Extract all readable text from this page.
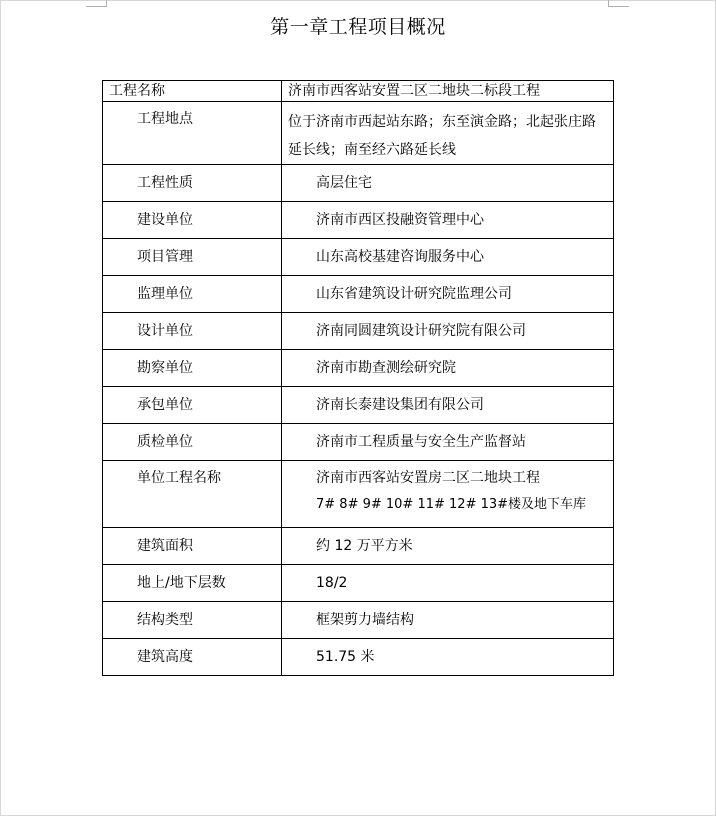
第一章工程项目概况
工程名称	济南市西客站安置二区二地块二标段工程

工程地点	位于济南市西起站东路；东至演金路；北起张庄路延长线；南至经六路延长线

工程性质	高层住宅

建设单位	济南市西区投融资管理中心

项目管理	山东高校基建咨询服务中心

监理单位	山东省建筑设计研究院监理公司

设计单位	济南同圆建筑设计研究院有限公司

勘察单位	济南市勘查测绘研究院

承包单位	济南长泰建设集团有限公司

质检单位	济南市工程质量与安全生产监督站

单位工程名称	济南市西客站安置房二区二地块工程
7# 8# 9# 10# 11# 12# 13#楼及地下车库

建筑面积	约 12 万平方米

地上/地下层数	18/2

结构类型	框架剪力墙结构

建筑高度	51.75 米
